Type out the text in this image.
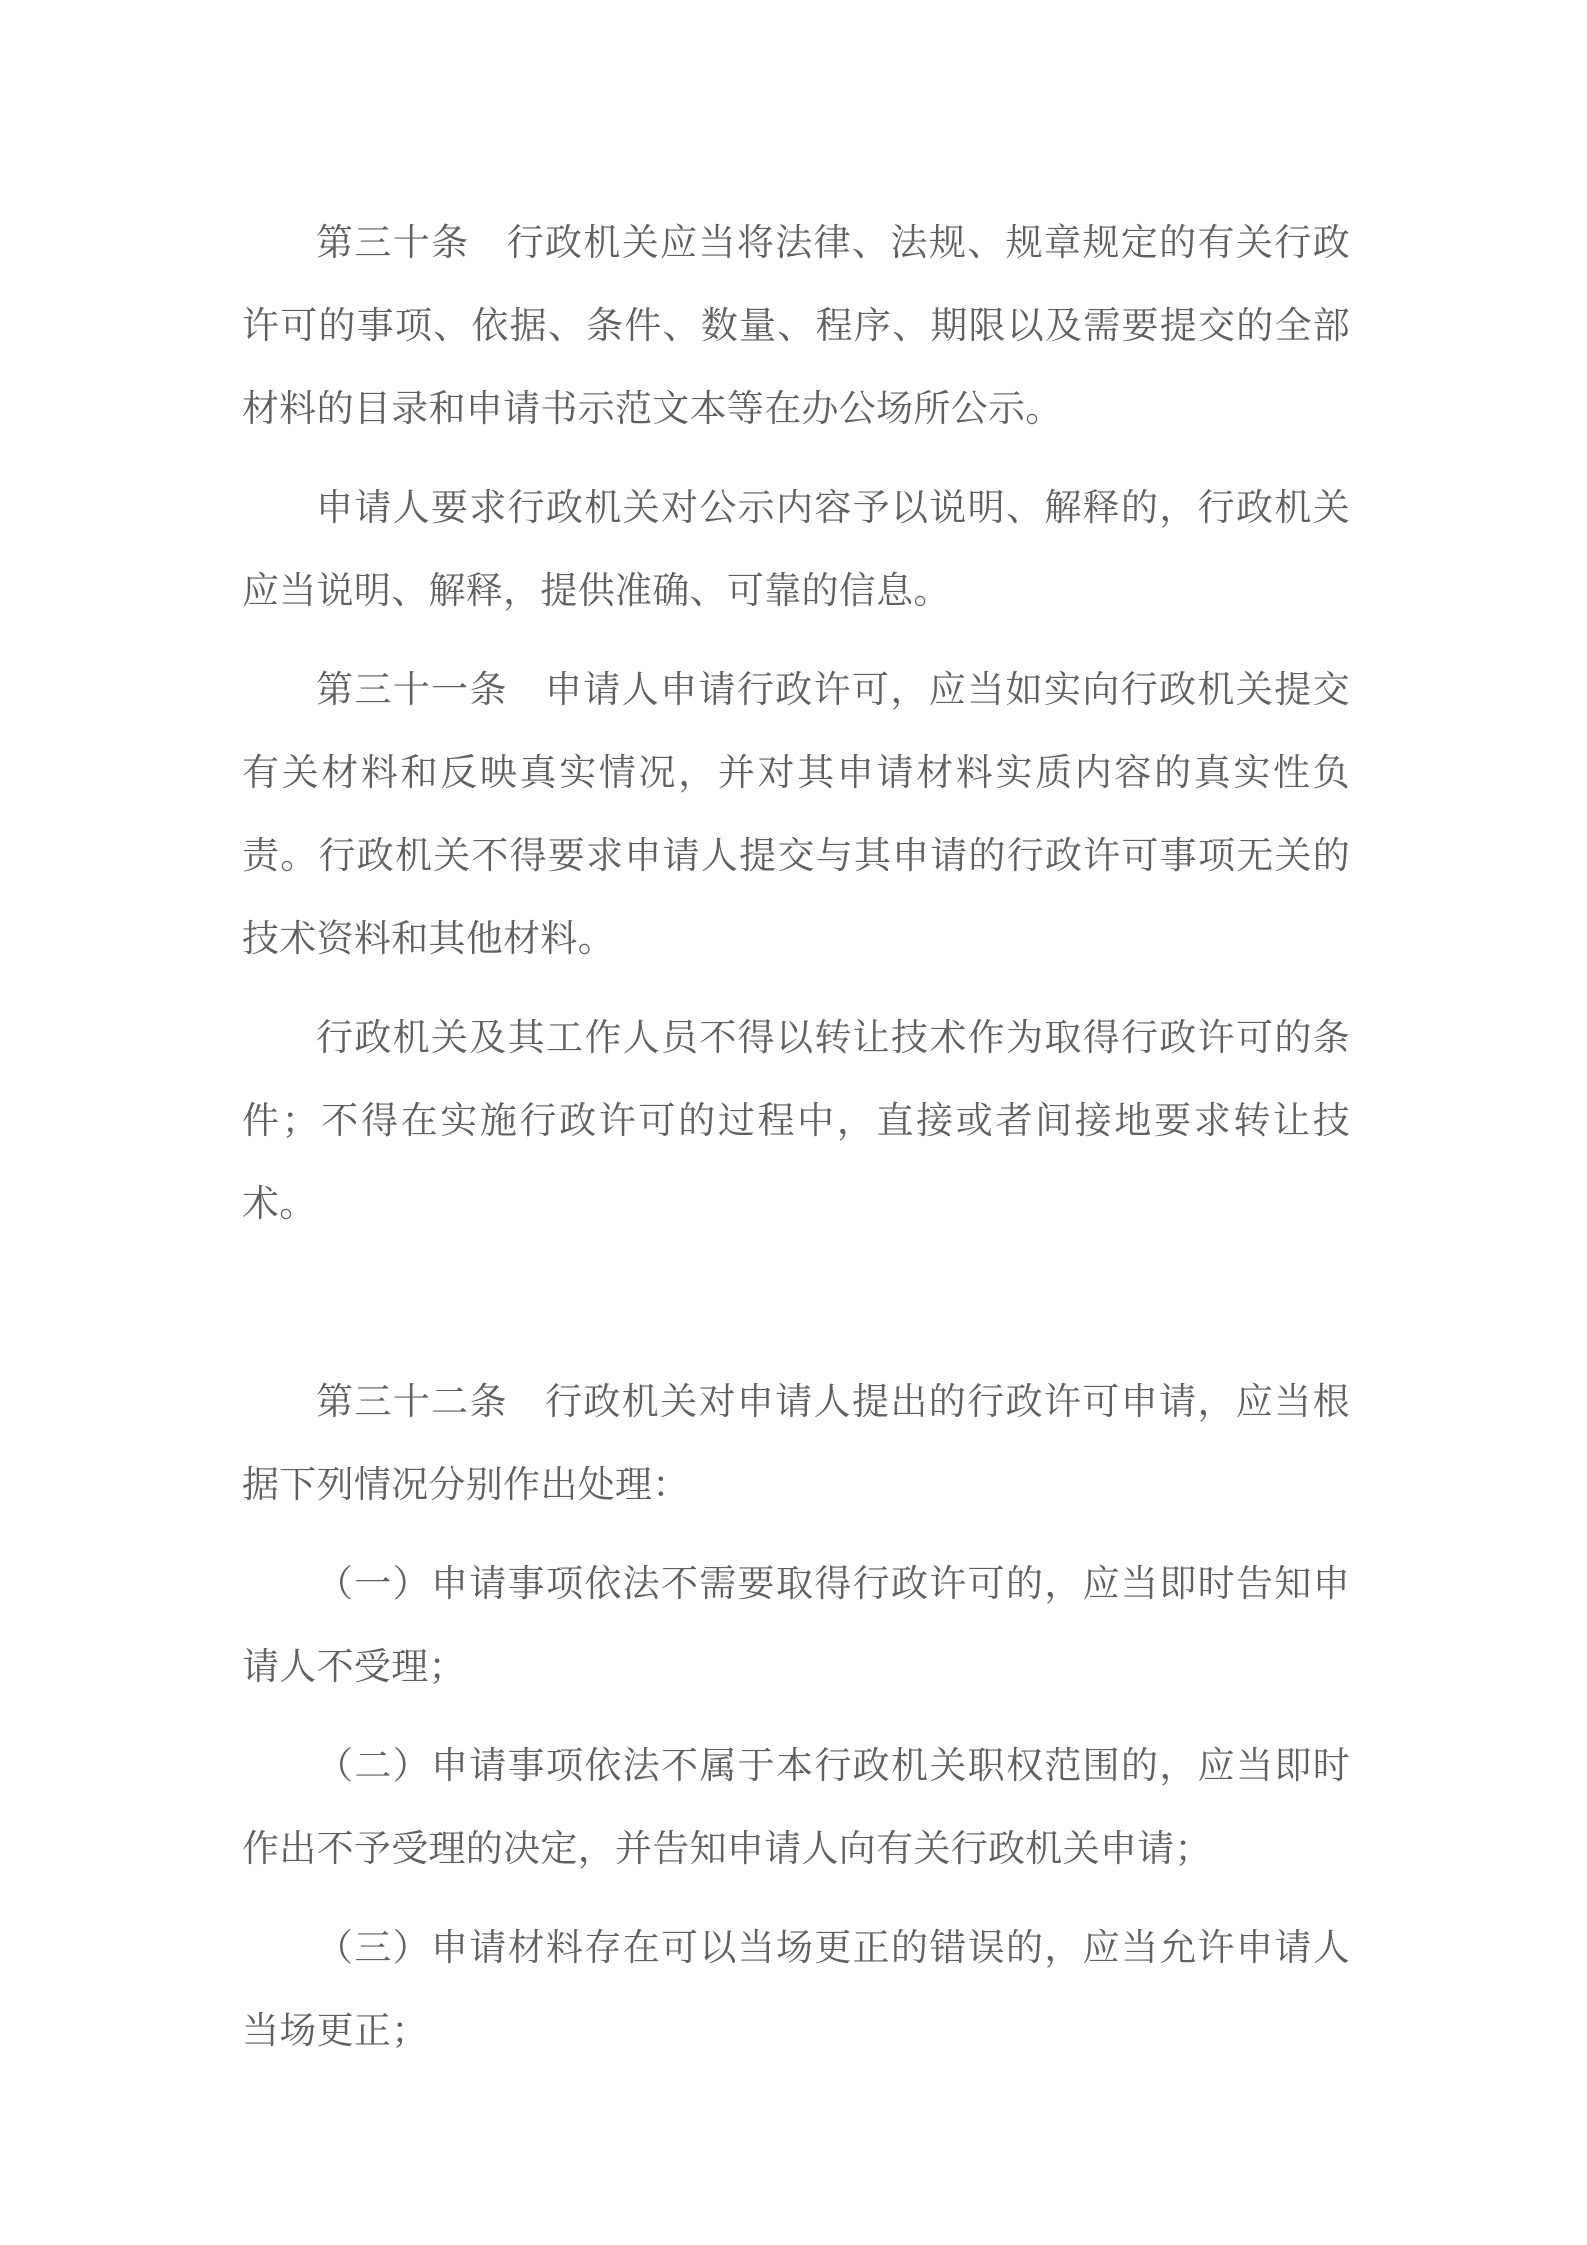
第三十条 行政机关应当将法律、法规、规章规定的有关行政许可的事项、依据、条件、数量、程序、期限以及需要提交的全部材料的目录和申请书示范文本等在办公场所公示。

申请人要求行政机关对公示内容予以说明、解释的，行政机关应当说明、解释，提供准确、可靠的信息。

第三十一条 申请人申请行政许可，应当如实向行政机关提交有关材料和反映真实情况，并对其申请材料实质内容的真实性负责。行政机关不得要求申请人提交与其申请的行政许可事项无关的技术资料和其他材料。

行政机关及其工作人员不得以转让技术作为取得行政许可的条件；不得在实施行政许可的过程中，直接或者间接地要求转让技术。

第三十二条 行政机关对申请人提出的行政许可申请，应当根据下列情况分别作出处理：

（一）申请事项依法不需要取得行政许可的，应当即时告知申请人不受理；

（二）申请事项依法不属于本行政机关职权范围的，应当即时作出不予受理的决定，并告知申请人向有关行政机关申请；

（三）申请材料存在可以当场更正的错误的，应当允许申请人当场更正；
